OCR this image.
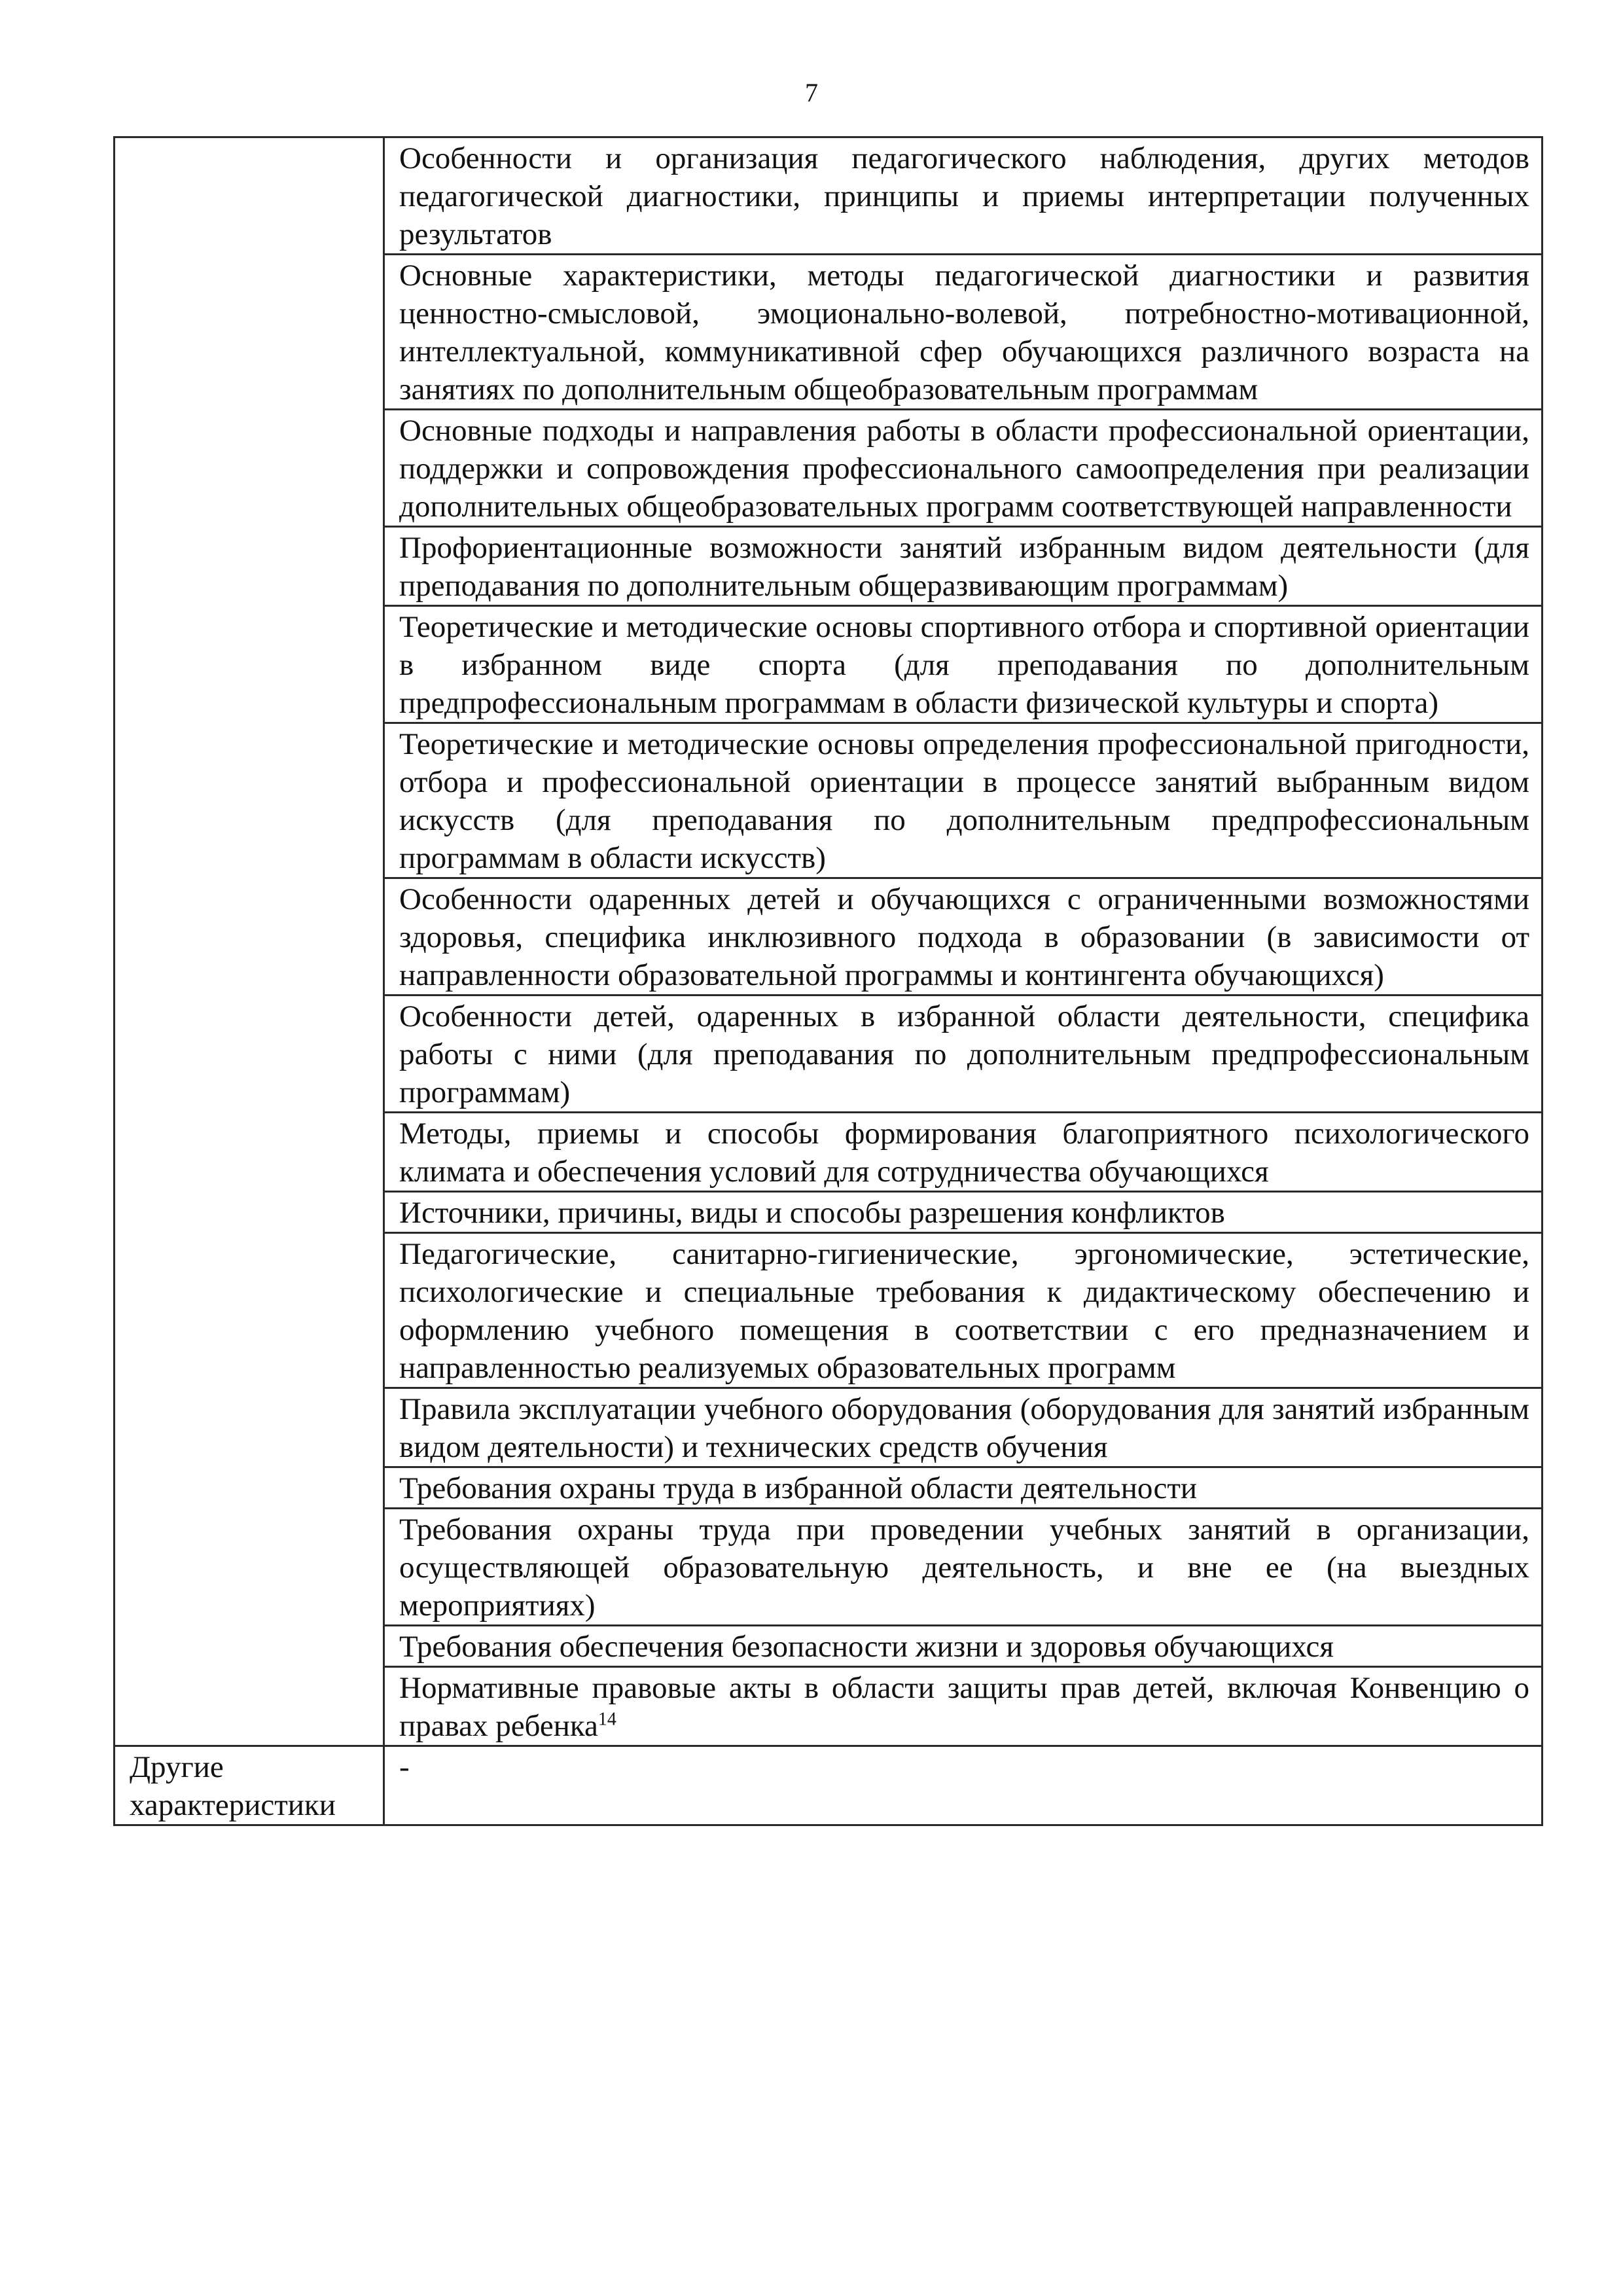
7
	Особенности и организация педагогического наблюдения, других методов педагогической диагностики, принципы и приемы интерпретации полученных результатов
	Основные характеристики, методы педагогической диагностики и развития ценностно-смысловой, эмоционально-волевой, потребностно-мотивационной, интеллектуальной, коммуникативной сфер обучающихся различного возраста на занятиях по дополнительным общеобразовательным программам
	Основные подходы и направления работы в области профессиональной ориентации, поддержки и сопровождения профессионального самоопределения при реализации дополнительных общеобразовательных программ соответствующей направленности
	Профориентационные возможности занятий избранным видом деятельности (для преподавания по дополнительным общеразвивающим программам)
	Теоретические и методические основы спортивного отбора и спортивной ориентации в избранном виде спорта (для преподавания по дополнительным предпрофессиональным программам в области физической культуры и спорта)
	Теоретические и методические основы определения профессиональной пригодности, отбора и профессиональной ориентации в процессе занятий выбранным видом искусств (для преподавания по дополнительным предпрофессиональным программам в области искусств)
	Особенности одаренных детей и обучающихся с ограниченными возможностями здоровья, специфика инклюзивного подхода в образовании (в зависимости от направленности образовательной программы и контингента обучающихся)
	Особенности детей, одаренных в избранной области деятельности, специфика работы с ними (для преподавания по дополнительным предпрофессиональным программам)
	Методы, приемы и способы формирования благоприятного психологического климата и обеспечения условий для сотрудничества обучающихся
	Источники, причины, виды и способы разрешения конфликтов
	Педагогические, санитарно-гигиенические, эргономические, эстетические, психологические и специальные требования к дидактическому обеспечению и оформлению учебного помещения в соответствии с его предназначением и направленностью реализуемых образовательных программ
	Правила эксплуатации учебного оборудования (оборудования для занятий избранным видом деятельности) и технических средств обучения
	Требования охраны труда в избранной области деятельности
	Требования охраны труда при проведении учебных занятий в организации, осуществляющей образовательную деятельность, и вне ее (на выездных мероприятиях)
	Требования обеспечения безопасности жизни и здоровья обучающихся
	Нормативные правовые акты в области защиты прав детей, включая Конвенцию о правах ребенка$^{14}$
Другие
характеристики	-
